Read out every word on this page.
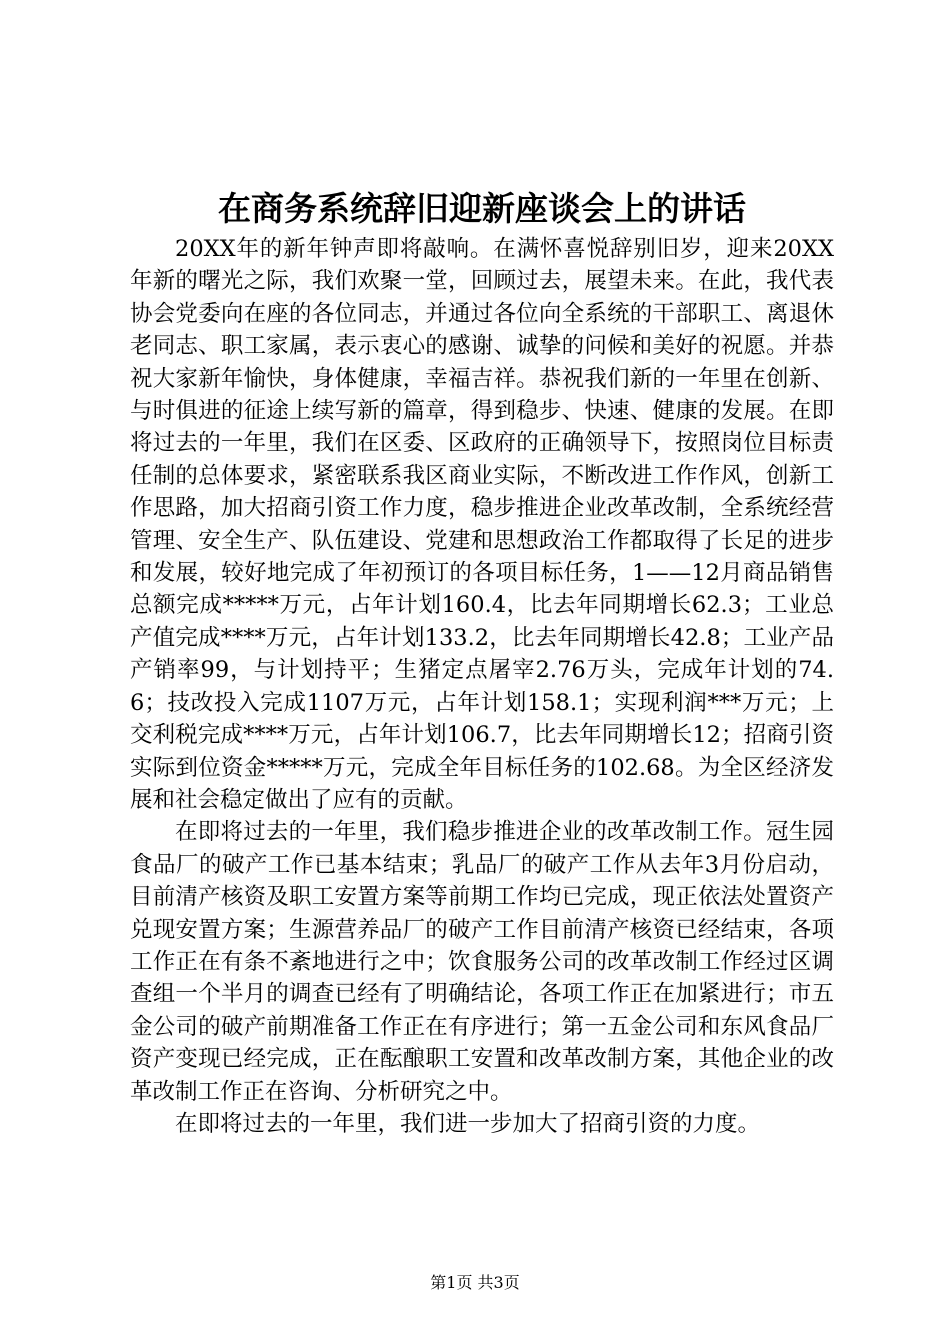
在商务系统辞旧迎新座谈会上的讲话

20XX年的新年钟声即将敲响。在满怀喜悦辞别旧岁，迎来20XX年新的曙光之际，我们欢聚一堂，回顾过去，展望未来。在此，我代表协会党委向在座的各位同志，并通过各位向全系统的干部职工、离退休老同志、职工家属，表示衷心的感谢、诚挚的问候和美好的祝愿。并恭祝大家新年愉快，身体健康，幸福吉祥。恭祝我们新的一年里在创新、与时俱进的征途上续写新的篇章，得到稳步、快速、健康的发展。在即将过去的一年里，我们在区委、区政府的正确领导下，按照岗位目标责任制的总体要求，紧密联系我区商业实际，不断改进工作作风，创新工作思路，加大招商引资工作力度，稳步推进企业改革改制，全系统经营管理、安全生产、队伍建设、党建和思想政治工作都取得了长足的进步和发展，较好地完成了年初预订的各项目标任务，1——12月商品销售总额完成*****万元，占年计划160.4，比去年同期增长62.3；工业总产值完成****万元，占年计划133.2，比去年同期增长42.8；工业产品产销率99，与计划持平；生猪定点屠宰2.76万头，完成年计划的74.6；技改投入完成1107万元，占年计划158.1；实现利润***万元；上交利税完成****万元，占年计划106.7，比去年同期增长12；招商引资实际到位资金*****万元，完成全年目标任务的102.68。为全区经济发展和社会稳定做出了应有的贡献。

在即将过去的一年里，我们稳步推进企业的改革改制工作。冠生园食品厂的破产工作已基本结束；乳品厂的破产工作从去年3月份启动，目前清产核资及职工安置方案等前期工作均已完成，现正依法处置资产兑现安置方案；生源营养品厂的破产工作目前清产核资已经结束，各项工作正在有条不紊地进行之中；饮食服务公司的改革改制工作经过区调查组一个半月的调查已经有了明确结论，各项工作正在加紧进行；市五金公司的破产前期准备工作正在有序进行；第一五金公司和东风食品厂资产变现已经完成，正在酝酿职工安置和改革改制方案，其他企业的改革改制工作正在咨询、分析研究之中。

在即将过去的一年里，我们进一步加大了招商引资的力度。

第1页 共3页
